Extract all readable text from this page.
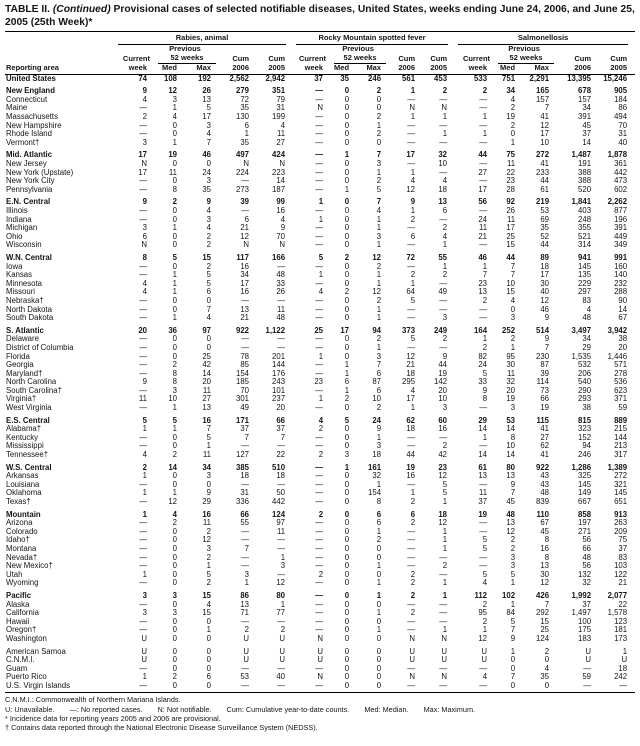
TABLE II. (Continued) Provisional cases of selected notifiable diseases, United States, weeks ending June 24, 2006, and June 25, 2005 (25th Week)*

	Rabies, animal					Rocky Mountain spotted fever					Salmonellosis				

		Previous					Previous					Previous			
	Current	52 weeks		Cum	Cum	Current	52 weeks		Cum	Cum	Current	52 weeks		Cum	Cum
Reporting area	week	Med	Max	2006	2005	week	Med	Max	2006	2005	week	Med	Max	2006	2005
United States	74	108	192	2,562	2,942	37	35	246	561	453	533	751	2,291	13,395	15,246
New England	9	12	26	279	351	—	0	2	1	2	2	34	165	678	905
Connecticut	4	3	13	72	79	—	0	0	—	—	—	4	157	157	184
Maine	—	1	5	35	31	N	0	0	N	N	—	2	7	34	86
Massachusetts	2	4	17	130	199	—	0	2	1	1	1	19	41	391	494
New Hampshire	—	0	3	6	4	—	0	1	—	—	—	2	12	45	70
Rhode Island	—	0	4	1	11	—	0	2	—	1	1	0	17	37	31
Vermont†	3	1	7	35	27	—	0	0	—	—	—	1	10	14	40
Mid. Atlantic	17	19	46	497	424	—	1	7	17	32	44	75	272	1,487	1,878
New Jersey	N	0	0	N	N	—	0	3	—	10	—	11	41	191	361
New York (Upstate)	17	11	24	224	223	—	0	1	1	—	27	22	233	388	442
New York City	—	0	3	—	14	—	0	2	4	4	—	23	44	388	473
Pennsylvania	—	8	35	273	187	—	1	5	12	18	17	28	61	520	602
E.N. Central	9	2	9	39	99	1	0	7	9	13	56	92	219	1,841	2,262
Illinois	—	0	4	—	16	—	0	4	1	6	—	26	53	403	877
Indiana	—	0	3	6	4	1	0	1	2	—	24	11	69	248	196
Michigan	3	1	4	21	9	—	0	1	—	2	11	17	35	355	391
Ohio	6	0	2	12	70	—	0	3	6	4	21	25	52	521	449
Wisconsin	N	0	2	N	N	—	0	1	—	1	—	15	44	314	349
W.N. Central	8	5	15	117	166	5	2	12	72	55	46	44	89	941	991
Iowa	—	0	2	16	—	—	0	2	—	1	1	7	18	145	160
Kansas	—	1	5	34	48	1	0	1	2	2	7	7	17	135	140
Minnesota	4	1	5	17	33	—	0	1	1	—	23	10	30	229	232
Missouri	4	1	6	16	26	4	2	12	64	49	13	15	40	297	288
Nebraska†	—	0	0	—	—	—	0	2	5	—	2	4	12	83	90
North Dakota	—	0	7	13	11	—	0	1	—	—	—	0	46	4	14
South Dakota	—	1	4	21	48	—	0	1	—	3	—	3	9	48	67
S. Atlantic	20	36	97	922	1,122	25	17	94	373	249	164	252	514	3,497	3,942
Delaware	—	0	0	—	—	—	0	2	5	2	1	2	9	34	38
District of Columbia	—	0	0	—	—	—	0	1	—	—	2	1	7	29	20
Florida	—	0	25	78	201	1	0	3	12	9	82	95	230	1,535	1,446
Georgia	—	2	42	85	144	—	1	7	21	44	24	30	87	532	571
Maryland†	—	8	14	154	176	—	1	6	18	19	5	11	39	206	278
North Carolina	9	8	20	185	243	23	6	87	295	142	33	32	114	540	536
South Carolina†	—	3	11	70	101	—	1	6	4	20	9	20	73	290	623
Virginia†	11	10	27	301	237	1	2	10	17	10	8	19	66	293	371
West Virginia	—	1	13	49	20	—	0	2	1	3	—	3	19	38	59
E.S. Central	5	5	16	171	66	4	5	24	62	60	29	53	115	815	889
Alabama†	1	1	7	37	37	2	0	9	18	16	14	14	41	323	215
Kentucky	—	0	5	7	7	—	0	1	—	—	1	8	27	152	144
Mississippi	—	0	1	—	—	—	0	3	—	2	—	10	62	94	213
Tennessee†	4	2	11	127	22	2	3	18	44	42	14	14	41	246	317
W.S. Central	2	14	34	385	510	—	1	161	19	23	61	80	922	1,286	1,389
Arkansas	1	0	3	18	18	—	0	32	16	12	13	13	43	325	272
Louisiana	—	0	0	—	—	—	0	1	—	5	—	9	43	145	321
Oklahoma	1	1	9	31	50	—	0	154	1	5	11	7	48	149	145
Texas†	—	12	29	336	442	—	0	8	2	1	37	45	839	667	651
Mountain	1	4	16	66	124	2	0	6	6	18	19	48	110	858	913
Arizona	—	2	11	55	97	—	0	6	2	12	—	13	67	197	263
Colorado	—	0	2	—	11	—	0	1	—	1	—	12	45	271	209
Idaho†	—	0	12	—	—	—	0	2	—	1	5	2	8	56	75
Montana	—	0	3	7	—	—	0	0	—	1	5	2	16	66	37
Nevada†	—	0	2	—	1	—	0	0	—	—	—	3	8	48	83
New Mexico†	—	0	1	—	3	—	0	1	—	2	—	3	13	56	103
Utah	1	0	5	3	—	2	0	0	2	—	5	5	30	132	122
Wyoming	—	0	2	1	12	—	0	1	2	1	4	1	12	32	21
Pacific	3	3	15	86	80	—	0	1	2	1	112	102	426	1,992	2,077
Alaska	—	0	4	13	1	—	0	0	—	—	2	1	7	37	22
California	3	3	15	71	77	—	0	1	2	—	95	84	292	1,497	1,578
Hawaii	—	0	0	—	—	—	0	0	—	—	2	5	15	100	123
Oregon†	—	0	1	2	2	—	0	1	—	1	1	7	25	175	181
Washington	U	0	0	U	U	N	0	0	N	N	12	9	124	183	173
American Samoa	U	0	0	U	U	U	0	0	U	U	U	1	2	U	1
C.N.M.I.	U	0	0	U	U	U	0	0	U	U	U	0	0	U	U
Guam	—	0	0	—	—	—	0	0	—	—	—	0	4	—	18
Puerto Rico	1	2	6	53	40	N	0	0	N	N	4	7	35	59	242
U.S. Virgin Islands	—	0	0	—	—	—	0	0	—	—	—	0	0	—	—
C.N.M.I.: Commonwealth of Northern Mariana Islands.
U: Unavailable. —: No reported cases. N: Not notifiable. Cum: Cumulative year-to-date counts. Med: Median. Max: Maximum.
* Incidence data for reporting years 2005 and 2006 are provisional.
† Contains data reported through the National Electronic Disease Surveillance System (NEDSS).
